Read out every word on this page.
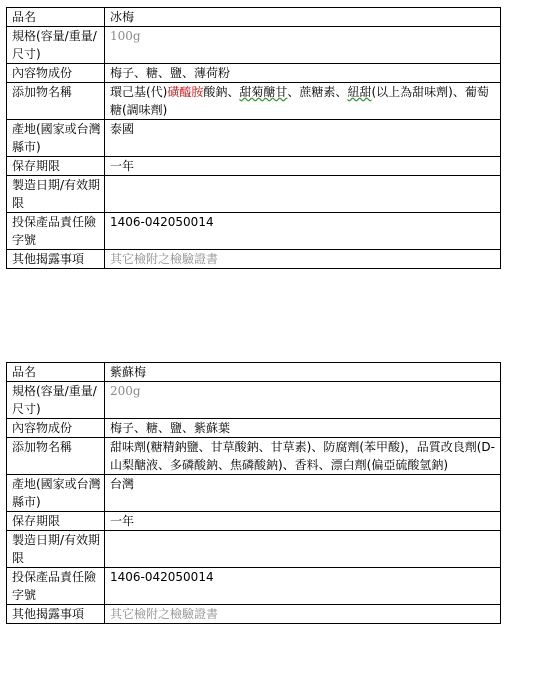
品名	冰梅
規格(容量/重量/尺寸)	100g
內容物成份	梅子、糖、鹽、薄荷粉
添加物名稱	環己基(代)磺醯胺酸鈉、甜菊醣甘、蔗糖素、紐甜(以上為甜味劑)、葡萄糖(調味劑)
產地(國家或台灣縣市)	泰國
保存期限	一年
製造日期/有效期限	
投保產品責任險字號	1406-042050014
其他揭露事項	其它檢附之檢驗證書
品名	紫蘇梅
規格(容量/重量/尺寸)	200g
內容物成份	梅子、糖、鹽、紫蘇葉
添加物名稱	甜味劑(糖精鈉鹽、甘草酸鈉、甘草素)、防腐劑(苯甲酸)，品質改良劑(D-山梨醣液、多磷酸鈉、焦磷酸鈉)、香料、漂白劑(偏亞硫酸氫鈉)
產地(國家或台灣縣市)	台灣
保存期限	一年
製造日期/有效期限	
投保產品責任險字號	1406-042050014
其他揭露事項	其它檢附之檢驗證書
